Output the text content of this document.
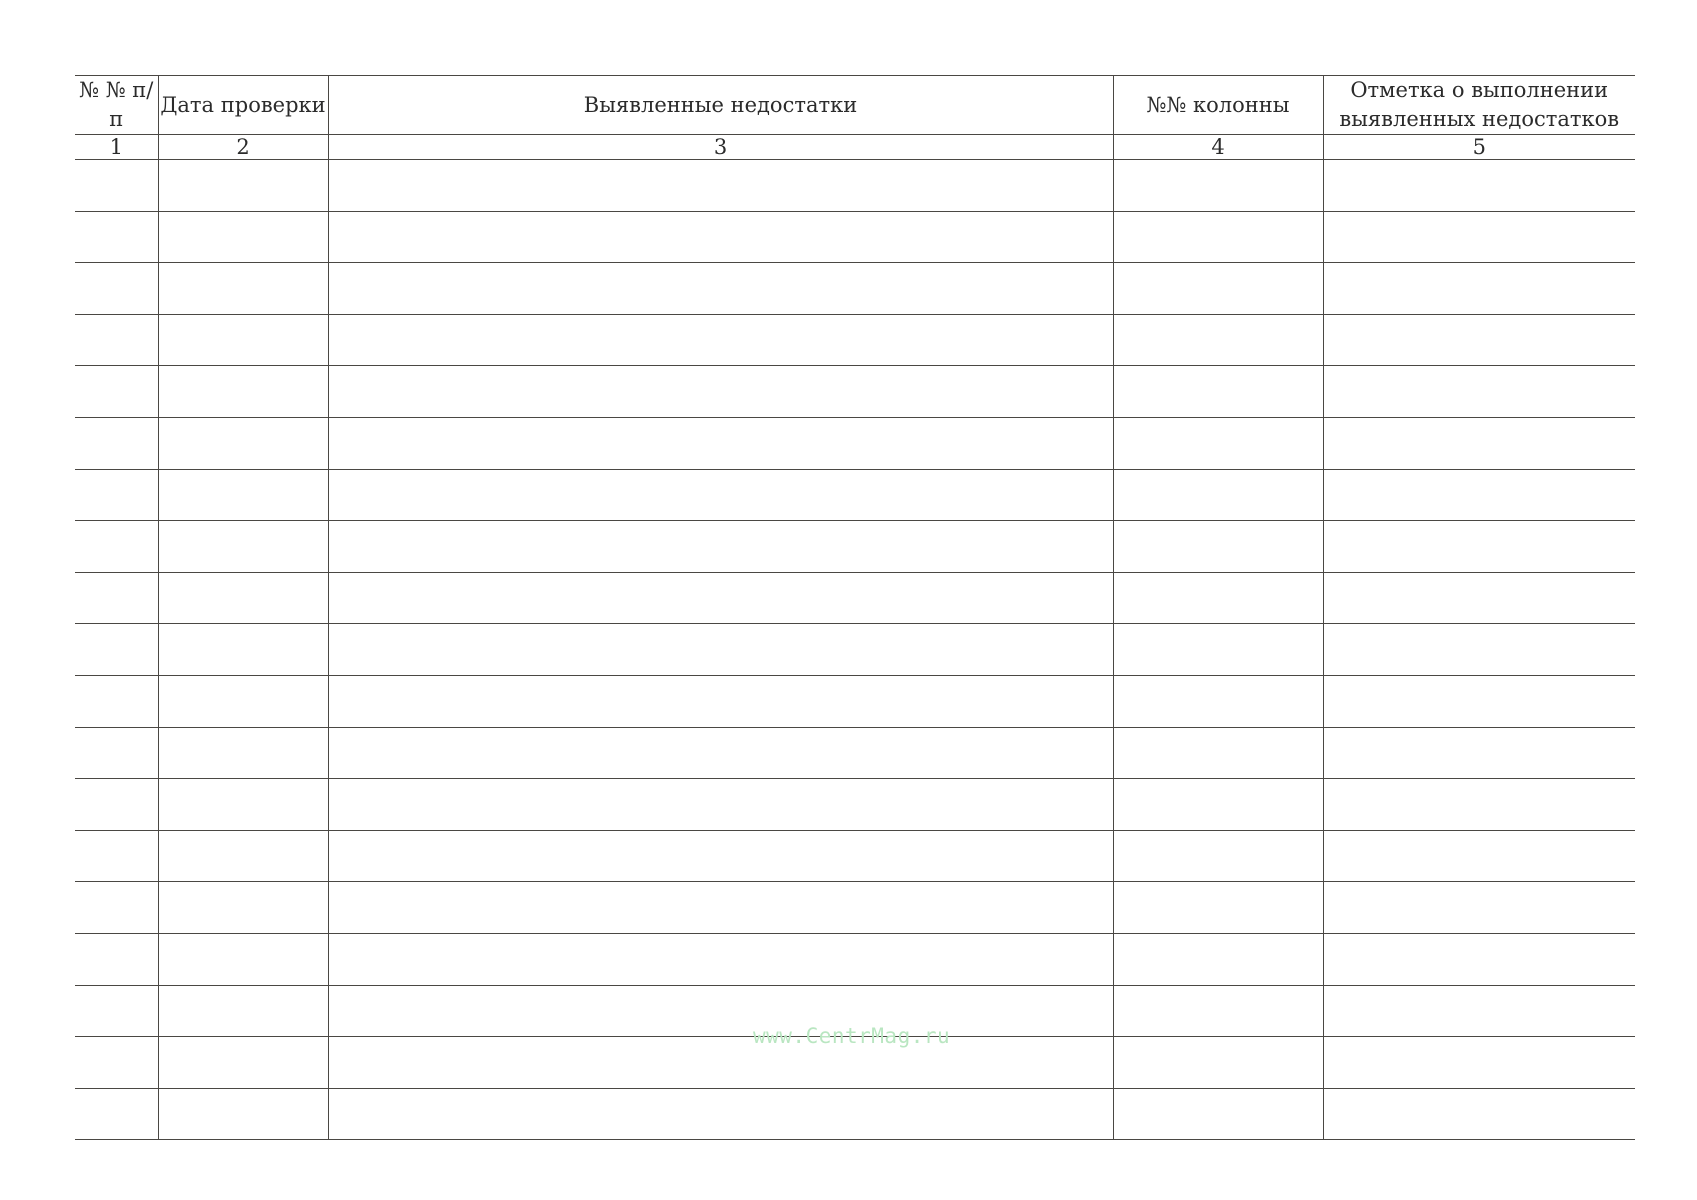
№ № п/п	Дата проверки	Выявленные недостатки	№№ колонны	Отметка о выполнении выявленных недостатков
1	2	3	4	5

www.CentrMag.ru
